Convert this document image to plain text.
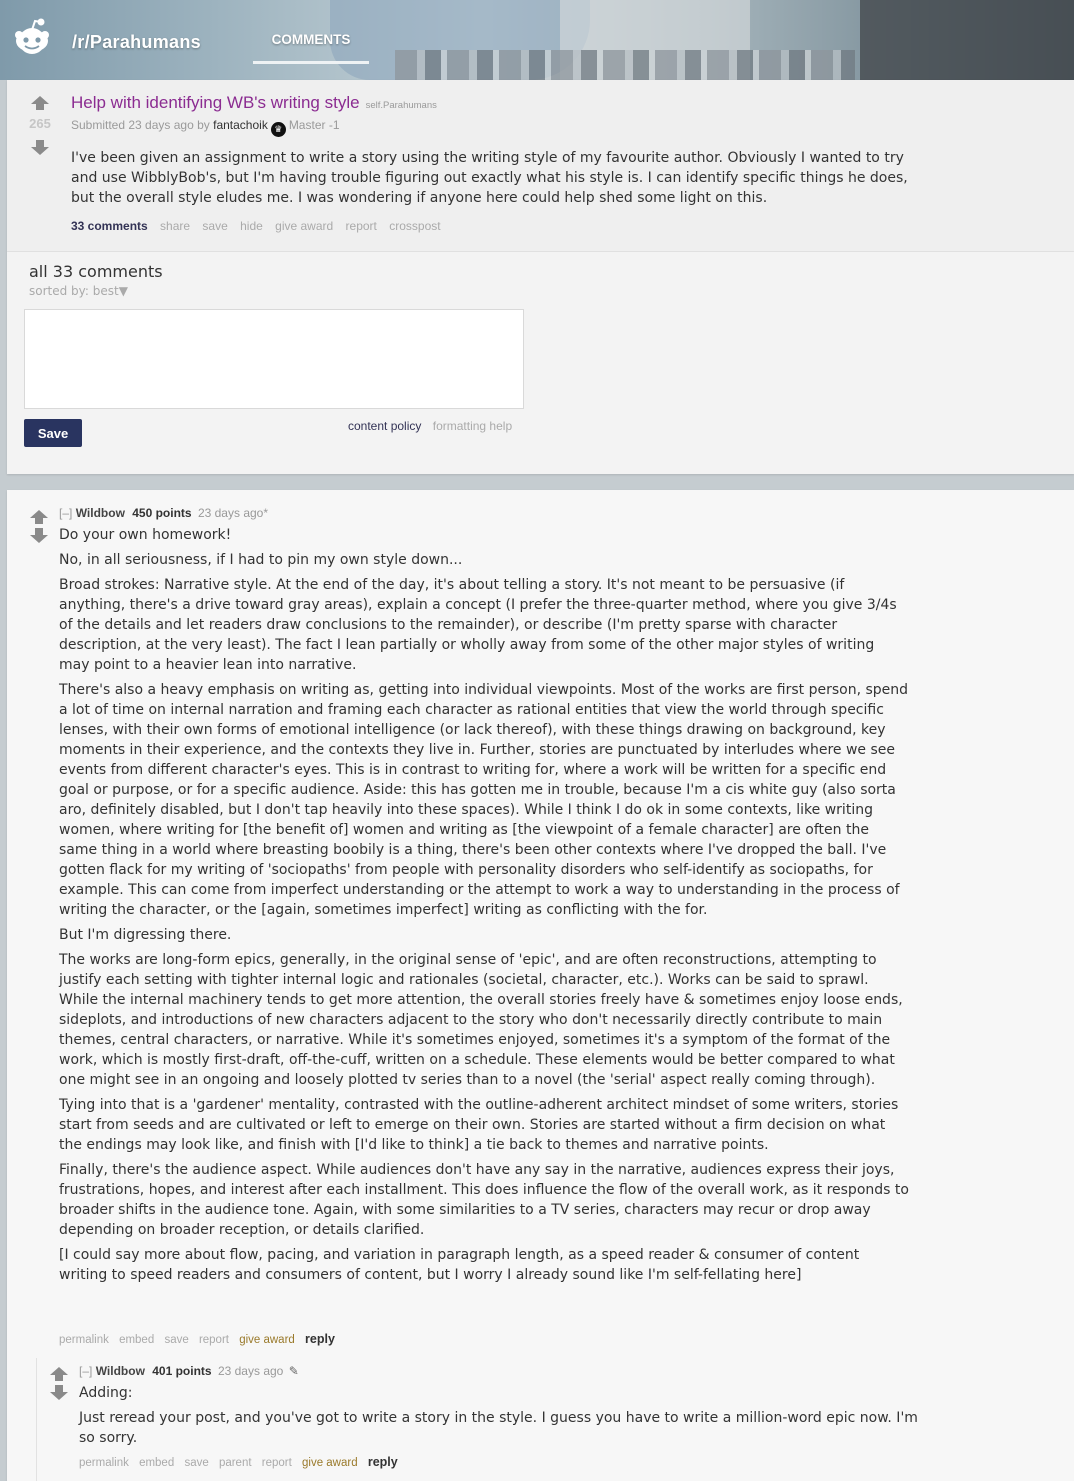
/r/Parahumans	COMMENTS
265
Help with identifying WB's writing style self.Parahumans
Submitted 23 days ago by fantachoik ♛ Master -1
I've been given an assignment to write a story using the writing style of my favourite author. Obviously I wanted to try and use WibblyBob's, but I'm having trouble figuring out exactly what his style is. I can identify specific things he does, but the overall style eludes me. I was wondering if anyone here could help shed some light on this.
33 comments share save hide give award report crosspost
all 33 comments
sorted by: best▼
Save	content policy formatting help
[–] Wildbow 450 points 23 days ago*

Do your own homework!

No, in all seriousness, if I had to pin my own style down...

Broad strokes: Narrative style. At the end of the day, it's about telling a story. It's not meant to be persuasive (if anything, there's a drive toward gray areas), explain a concept (I prefer the three-quarter method, where you give 3/4s of the details and let readers draw conclusions to the remainder), or describe (I'm pretty sparse with character description, at the very least). The fact I lean partially or wholly away from some of the other major styles of writing may point to a heavier lean into narrative.

There's also a heavy emphasis on writing as, getting into individual viewpoints. Most of the works are first person, spend a lot of time on internal narration and framing each character as rational entities that view the world through specific lenses, with their own forms of emotional intelligence (or lack thereof), with these things drawing on background, key moments in their experience, and the contexts they live in. Further, stories are punctuated by interludes where we see events from different character's eyes. This is in contrast to writing for, where a work will be written for a specific end goal or purpose, or for a specific audience. Aside: this has gotten me in trouble, because I'm a cis white guy (also sorta aro, definitely disabled, but I don't tap heavily into these spaces). While I think I do ok in some contexts, like writing women, where writing for [the benefit of] women and writing as [the viewpoint of a female character] are often the same thing in a world where breasting boobily is a thing, there's been other contexts where I've dropped the ball. I've gotten flack for my writing of 'sociopaths' from people with personality disorders who self-identify as sociopaths, for example. This can come from imperfect understanding or the attempt to work a way to understanding in the process of writing the character, or the [again, sometimes imperfect] writing as conflicting with the for.

But I'm digressing there.

The works are long-form epics, generally, in the original sense of 'epic', and are often reconstructions, attempting to justify each setting with tighter internal logic and rationales (societal, character, etc.). Works can be said to sprawl. While the internal machinery tends to get more attention, the overall stories freely have & sometimes enjoy loose ends, sideplots, and introductions of new characters adjacent to the story who don't necessarily directly contribute to main themes, central characters, or narrative. While it's sometimes enjoyed, sometimes it's a symptom of the format of the work, which is mostly first-draft, off-the-cuff, written on a schedule. These elements would be better compared to what one might see in an ongoing and loosely plotted tv series than to a novel (the 'serial' aspect really coming through).

Tying into that is a 'gardener' mentality, contrasted with the outline-adherent architect mindset of some writers, stories start from seeds and are cultivated or left to emerge on their own. Stories are started without a firm decision on what the endings may look like, and finish with [I'd like to think] a tie back to themes and narrative points.

Finally, there's the audience aspect. While audiences don't have any say in the narrative, audiences express their joys, frustrations, hopes, and interest after each installment. This does influence the flow of the overall work, as it responds to broader shifts in the audience tone. Again, with some similarities to a TV series, characters may recur or drop away depending on broader reception, or details clarified.

[I could say more about flow, pacing, and variation in paragraph length, as a speed reader & consumer of content writing to speed readers and consumers of content, but I worry I already sound like I'm self-fellating here]

permalink embed save report give award reply
[–] Wildbow 401 points 23 days ago ✎

Adding:

Just reread your post, and you've got to write a story in the style. I guess you have to write a million-word epic now. I'm so sorry.

permalink embed save parent report give award reply
